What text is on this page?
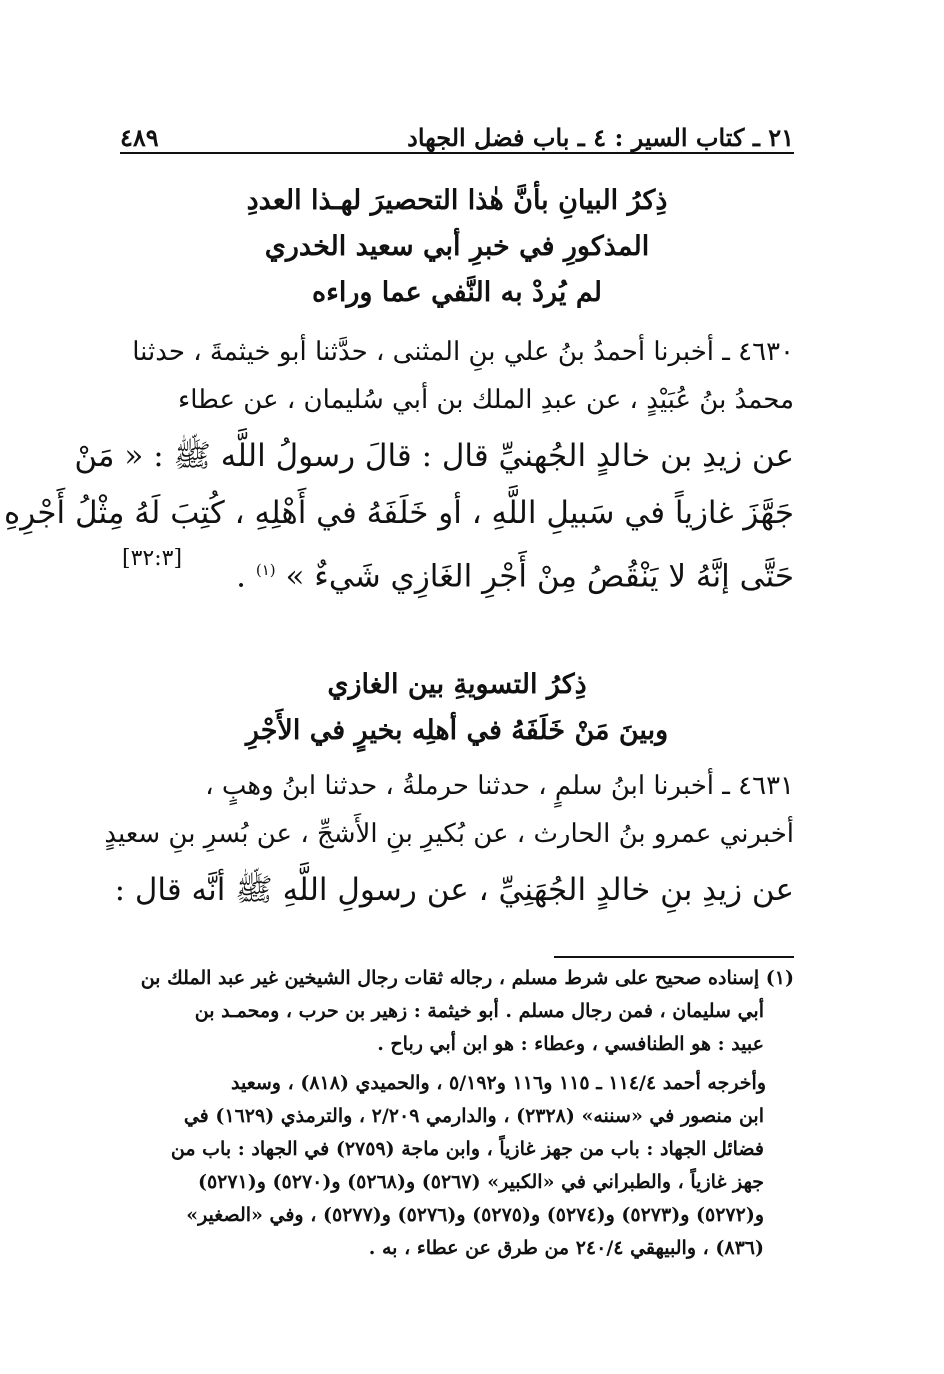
٢١ ـ كتاب السير : ٤ ـ باب فضل الجهاد
٤٨٩
ذِكرُ البيانِ بأنَّ هٰذا التحصيرَ لهـذا العددِ
المذكورِ في خبرِ أبي سعيد الخدري
لم يُردْ به النَّفي عما وراءه
٤٦٣٠ ـ أخبرنا أحمدُ بنُ علي بنِ المثنى ، حدَّثنا أبو خيثمةَ ، حدثنا
محمدُ بنُ عُبَيْدٍ ، عن عبدِ الملك بن أبي سُليمان ، عن عطاء
عن زيدِ بن خالدٍ الجُهنيِّ قال : قالَ رسولُ اللَّه ﷺ : « مَنْ
جَهَّزَ غازياً في سَبيلِ اللَّهِ ، أو خَلَفَهُ في أَهْلِهِ ، كُتِبَ لَهُ مِثْلُ أَجْرِهِ
حَتَّى إنَّهُ لا يَنْقُصُ مِنْ أَجْرِ الغَازِي شَيءٌ » $^{(١)}$ .
[٣٢:٣]
ذِكرُ التسويةِ بين الغازي
وبينَ مَنْ خَلَفَهُ في أهلِه بخيرٍ في الأَجْرِ
٤٦٣١ ـ أخبرنا ابنُ سلمٍ ، حدثنا حرملةُ ، حدثنا ابنُ وهبٍ ،
أخبرني عمرو بنُ الحارث ، عن بُكيرِ بنِ الأَشجِّ ، عن بُسرِ بنِ سعيدٍ
عن زيدِ بنِ خالدٍ الجُهَنِيِّ ، عن رسولِ اللَّهِ ﷺ أنَّه قال :
(١) إسناده صحيح على شرط مسلم ، رجاله ثقات رجال الشيخين غير عبد الملك بن
أبي سليمان ، فمن رجال مسلم . أبو خيثمة : زهير بن حرب ، ومحمـد بن
عبيد : هو الطنافسي ، وعطاء : هو ابن أبي رباح .
وأخرجه أحمد ١١٤/٤ ـ ١١٥ و١١٦ و٥/١٩٢ ، والحميدي (٨١٨) ، وسعيد
ابن منصور في «سننه» (٢٣٢٨) ، والدارمي ٢/٢٠٩ ، والترمذي (١٦٢٩) في
فضائل الجهاد : باب من جهز غازياً ، وابن ماجة (٢٧٥٩) في الجهاد : باب من
جهز غازياً ، والطبراني في «الكبير» (٥٢٦٧) و(٥٢٦٨) و(٥٢٧٠) و(٥٢٧١)
و(٥٢٧٢) و(٥٢٧٣) و(٥٢٧٤) و(٥٢٧٥) و(٥٢٧٦) و(٥٢٧٧) ، وفي «الصغير»
(٨٣٦) ، والبيهقي ٢٤٠/٤ من طرق عن عطاء ، به .
